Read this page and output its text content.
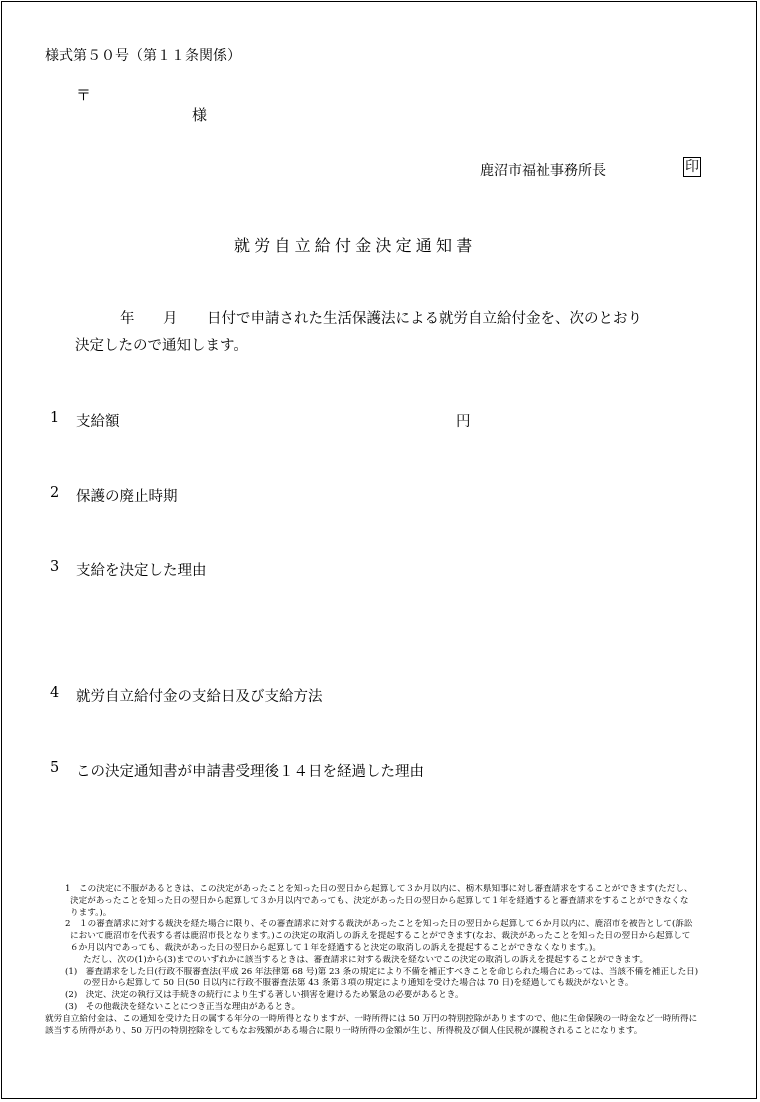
様式第５０号（第１１条関係）
〒
様
鹿沼市福祉事務所長	印
就労自立給付金決定通知書
年 月 日付で申請された生活保護法による就労自立給付金を、次のとおり
決定したので通知します。
1 支給額	円
2 保護の廃止時期
3 支給を決定した理由
4 就労自立給付金の支給日及び支給方法
5 この決定通知書が申請書受理後１４日を経過した理由
1　この決定に不服があるときは、この決定があったことを知った日の翌日から起算して３か月以内に、栃木県知事に対し審査請求をすることができます(ただし、
決定があったことを知った日の翌日から起算して３か月以内であっても、決定があった日の翌日から起算して１年を経過すると審査請求をすることができなくな
ります。)。
2　１の審査請求に対する裁決を経た場合に限り、その審査請求に対する裁決があったことを知った日の翌日から起算して６か月以内に、鹿沼市を被告として(訴訟
において鹿沼市を代表する者は鹿沼市長となります。)この決定の取消しの訴えを提起することができます(なお、裁決があったことを知った日の翌日から起算して
６か月以内であっても、裁決があった日の翌日から起算して１年を経過すると決定の取消しの訴えを提起することができなくなります。)。
ただし、次の(1)から(3)までのいずれかに該当するときは、審査請求に対する裁決を経ないでこの決定の取消しの訴えを提起することができます。
(1)　審査請求をした日(行政不服審査法(平成 26 年法律第 68 号)第 23 条の規定により不備を補正すべきことを命じられた場合にあっては、当該不備を補正した日)
の翌日から起算して 50 日(50 日以内に行政不服審査法第 43 条第３項の規定により通知を受けた場合は 70 日)を経過しても裁決がないとき。
(2)　決定、決定の執行又は手続きの続行により生ずる著しい損害を避けるため緊急の必要があるとき。
(3)　その他裁決を経ないことにつき正当な理由があるとき。
就労自立給付金は、この通知を受けた日の属する年分の一時所得となりますが、一時所得には 50 万円の特別控除がありますので、他に生命保険の一時金など一時所得に
該当する所得があり、50 万円の特別控除をしてもなお残額がある場合に限り一時所得の金額が生じ、所得税及び個人住民税が課税されることになります。
